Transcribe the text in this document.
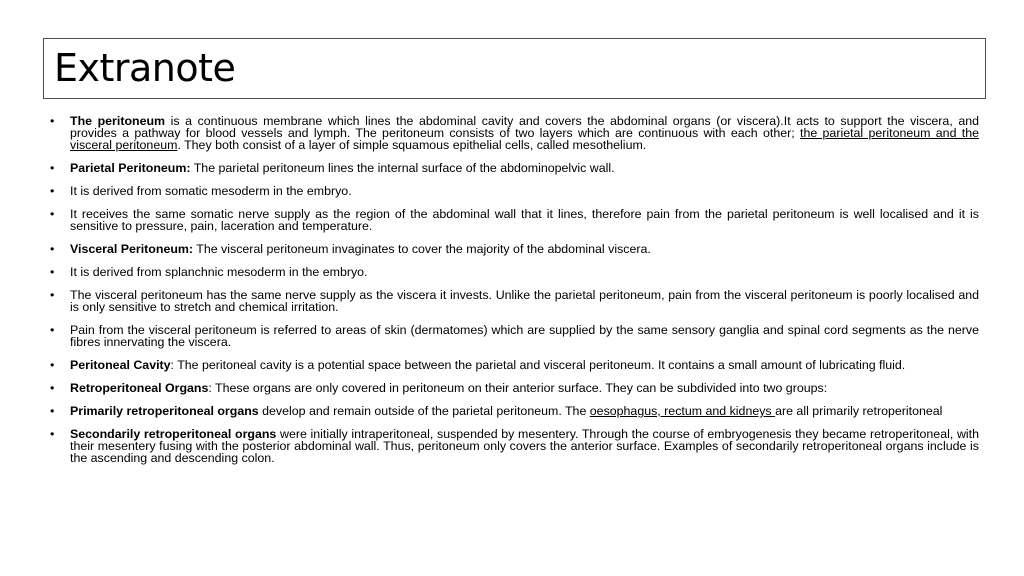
Extranote
• The peritoneum is a continuous membrane which lines the abdominal cavity and covers the abdominal organs (or viscera).It acts to support the viscera, and provides a pathway for blood vessels and lymph. The peritoneum consists of two layers which are continuous with each other; the parietal peritoneum and the visceral peritoneum. They both consist of a layer of simple squamous epithelial cells, called mesothelium.
• Parietal Peritoneum: The parietal peritoneum lines the internal surface of the abdominopelvic wall.
• It is derived from somatic mesoderm in the embryo.
• It receives the same somatic nerve supply as the region of the abdominal wall that it lines, therefore pain from the parietal peritoneum is well localised and it is sensitive to pressure, pain, laceration and temperature.
• Visceral Peritoneum: The visceral peritoneum invaginates to cover the majority of the abdominal viscera.
• It is derived from splanchnic mesoderm in the embryo.
• The visceral peritoneum has the same nerve supply as the viscera it invests. Unlike the parietal peritoneum, pain from the visceral peritoneum is poorly localised and is only sensitive to stretch and chemical irritation.
• Pain from the visceral peritoneum is referred to areas of skin (dermatomes) which are supplied by the same sensory ganglia and spinal cord segments as the nerve fibres innervating the viscera.
• Peritoneal Cavity: The peritoneal cavity is a potential space between the parietal and visceral peritoneum. It contains a small amount of lubricating fluid.
• Retroperitoneal Organs: These organs are only covered in peritoneum on their anterior surface. They can be subdivided into two groups:
• Primarily retroperitoneal organs develop and remain outside of the parietal peritoneum. The oesophagus, rectum and kidneys are all primarily retroperitoneal
• Secondarily retroperitoneal organs were initially intraperitoneal, suspended by mesentery. Through the course of embryogenesis they became retroperitoneal, with their mesentery fusing with the posterior abdominal wall. Thus, peritoneum only covers the anterior surface. Examples of secondarily retroperitoneal organs include is the ascending and descending colon.
